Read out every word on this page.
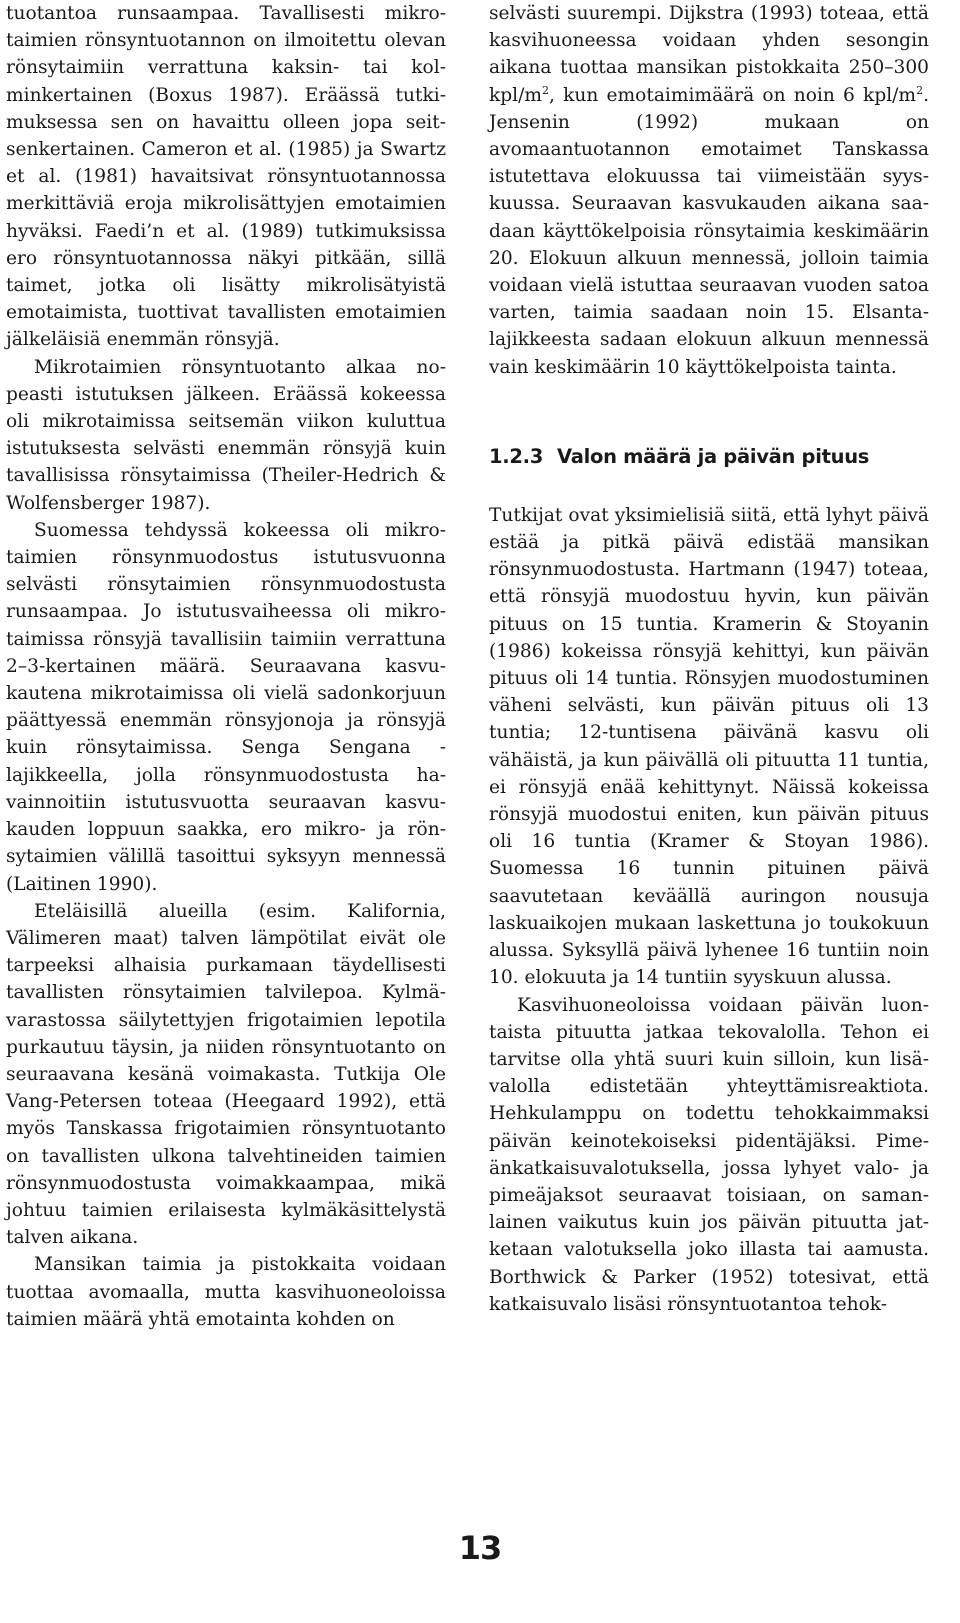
tuotantoa runsaampaa. Tavallisesti mikrotaimien rönsyntuotannon on ilmoitettu olevan rönsytaimiin verrattuna kaksin- tai kolminkertainen (Boxus 1987). Eräässä tutkimuksessa sen on havaittu olleen jopa seitsenkertainen. Cameron et al. (1985) ja Swartz et al. (1981) havaitsivat rönsyntuotannossa merkittäviä eroja mikrolisättyjen emotaimien hyväksi. Faedi’n et al. (1989) tutkimuksissa ero rönsyntuotannossa näkyi pitkään, sillä taimet, jotka oli lisätty mikrolisätyistä emotaimista, tuottivat tavallisten emotaimien jälkeläisiä enemmän rönsyjä.

Mikrotaimien rönsyntuotanto alkaa nopeasti istutuksen jälkeen. Eräässä kokeessa oli mikrotaimissa seitsemän viikon kuluttua istutuksesta selvästi enemmän rönsyjä kuin tavallisissa rönsytaimissa (Theiler-Hedrich & Wolfensberger 1987).

Suomessa tehdyssä kokeessa oli mikrotaimien rönsynmuodostus istutusvuonna selvästi rönsytaimien rönsynmuodostusta runsaampaa. Jo istutusvaiheessa oli mikrotaimissa rönsyjä tavallisiin taimiin verrattuna 2–3-kertainen määrä. Seuraavana kasvukautena mikrotaimissa oli vielä sadonkorjuun päättyessä enemmän rönsyjonoja ja rönsyjä kuin rönsytaimissa. Senga Sengana -lajikkeella, jolla rönsynmuodostusta havainnoitiin istutusvuotta seuraavan kasvukauden loppuun saakka, ero mikro- ja rönsytaimien välillä tasoittui syksyyn mennessä (Laitinen 1990).

Eteläisillä alueilla (esim. Kalifornia, Välimeren maat) talven lämpötilat eivät ole tarpeeksi alhaisia purkamaan täydellisesti tavallisten rönsytaimien talvilepoa. Kylmävarastossa säilytettyjen frigotaimien lepotila purkautuu täysin, ja niiden rönsyntuotanto on seuraavana kesänä voimakasta. Tutkija Ole Vang-Petersen toteaa (Heegaard 1992), että myös Tanskassa frigotaimien rönsyntuotanto on tavallisten ulkona talvehtineiden taimien rönsynmuodostusta voimakkaampaa, mikä johtuu taimien erilaisesta kylmäkäsittelystä talven aikana.

Mansikan taimia ja pistokkaita voidaan tuottaa avomaalla, mutta kasvihuoneoloissa taimien määrä yhtä emotainta kohden on

selvästi suurempi. Dijkstra (1993) toteaa, että kasvihuoneessa voidaan yhden sesongin aikana tuottaa mansikan pistokkaita 250–300 kpl/$m^2$, kun emotaimimäärä on noin 6 kpl/$m^2$. Jensenin (1992) mukaan on avomaantuotannon emotaimet Tanskassa istutettava elokuussa tai viimeistään syyskuussa. Seuraavan kasvukauden aikana saadaan käyttökelpoisia rönsytaimia keskimäärin 20. Elokuun alkuun mennessä, jolloin taimia voidaan vielä istuttaa seuraavan vuoden satoa varten, taimia saadaan noin 15. Elsanta-lajikkeesta sadaan elokuun alkuun mennessä vain keskimäärin 10 käyttökelpoista tainta.

1.2.3 Valon määrä ja päivän pituus

Tutkijat ovat yksimielisiä siitä, että lyhyt päivä estää ja pitkä päivä edistää mansikan rönsynmuodostusta. Hartmann (1947) toteaa, että rönsyjä muodostuu hyvin, kun päivän pituus on 15 tuntia. Kramerin & Stoyanin (1986) kokeissa rönsyjä kehittyi, kun päivän pituus oli 14 tuntia. Rönsyjen muodostuminen väheni selvästi, kun päivän pituus oli 13 tuntia; 12-tuntisena päivänä kasvu oli vähäistä, ja kun päivällä oli pituutta 11 tuntia, ei rönsyjä enää kehittynyt. Näissä kokeissa rönsyjä muodostui eniten, kun päivän pituus oli 16 tuntia (Kramer & Stoyan 1986). Suomessa 16 tunnin pituinen päivä saavutetaan keväällä auringon nousuja laskuaikojen mukaan laskettuna jo toukokuun alussa. Syksyllä päivä lyhenee 16 tuntiin noin 10. elokuuta ja 14 tuntiin syyskuun alussa.

Kasvihuoneoloissa voidaan päivän luontaista pituutta jatkaa tekovalolla. Tehon ei tarvitse olla yhtä suuri kuin silloin, kun lisävalolla edistetään yhteyttämisreaktiota. Hehkulamppu on todettu tehokkaimmaksi päivän keinotekoiseksi pidentäjäksi. Pimeänkatkaisuvalotuksella, jossa lyhyet valo- ja pimeäjaksot seuraavat toisiaan, on samanlainen vaikutus kuin jos päivän pituutta jatketaan valotuksella joko illasta tai aamusta. Borthwick & Parker (1952) totesivat, että katkaisuvalo lisäsi rönsyntuotantoa tehok-

13
